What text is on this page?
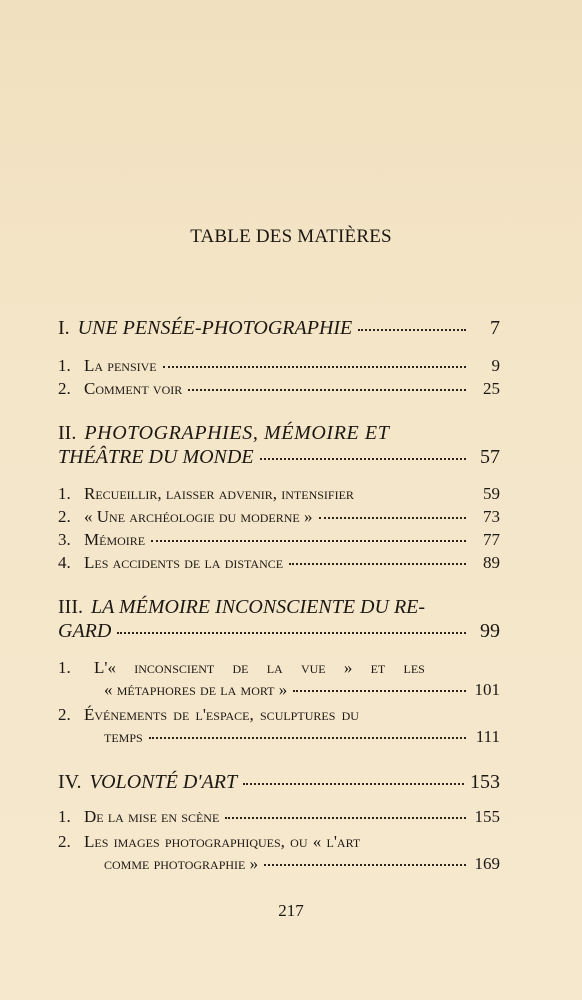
TABLE DES MATIÈRES
I. UNE PENSÉE-PHOTOGRAPHIE	7
1. La pensive	9
2. Comment voir	25
II. PHOTOGRAPHIES, MÉMOIRE ET
THÉÂTRE DU MONDE	57
1. Recueillir, laisser advenir, intensifier	59
2. « Une archéologie du moderne »	73
3. Mémoire	77
4. Les accidents de la distance	89
III. LA MÉMOIRE INCONSCIENTE DU RE-
GARD	99
1.	L'« inconscient de la vue » et les
« métaphores de la mort »	101
2. Événements de l'espace, sculptures du
temps	111
IV. VOLONTÉ D'ART	153
1. De la mise en scène	155
2. Les images photographiques, ou « l'art
comme photographie »	169
217
